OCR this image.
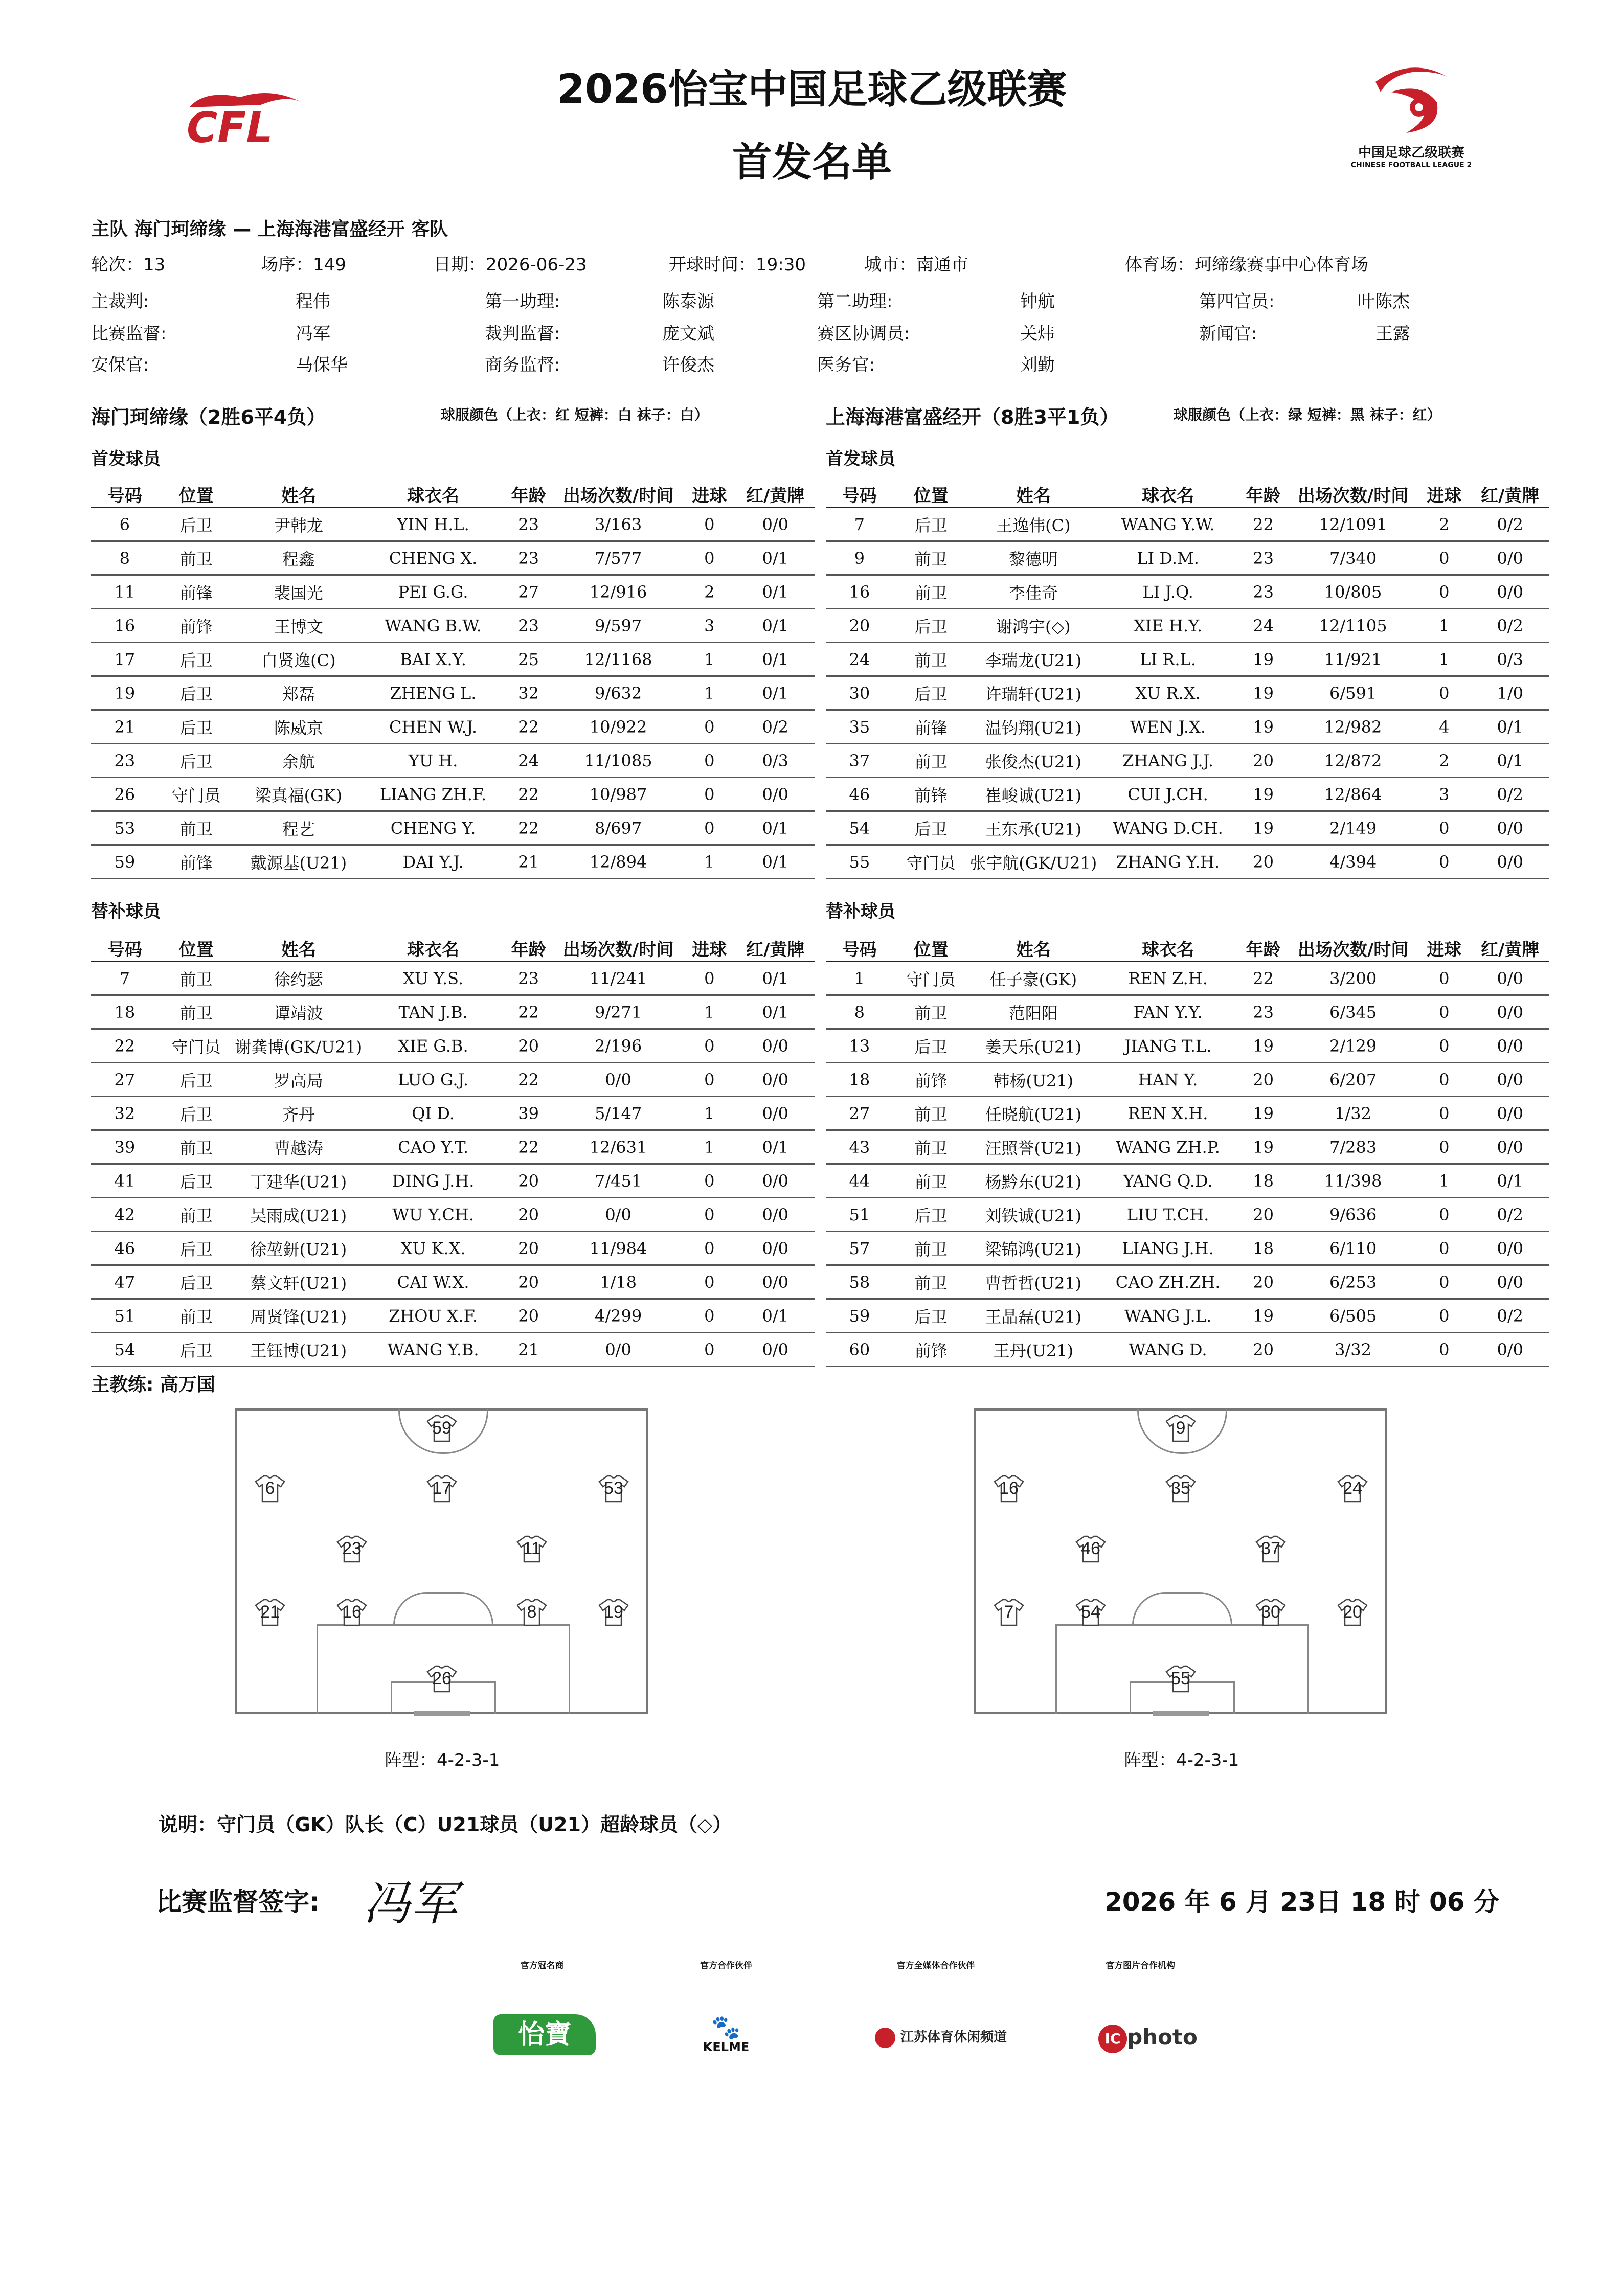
2026怡宝中国足球乙级联赛
首发名单
CFL
中国足球乙级联赛
CHINESE FOOTBALL LEAGUE 2
主队 海门珂缔缘 — 上海海港富盛经开 客队
轮次：13	场序：149	日期：2026-06-23	开球时间：19:30	城市：南通市	体育场：珂缔缘赛事中心体育场
主裁判:	程伟	第一助理:	陈泰源	第二助理:	钟航	第四官员:	叶陈杰
比赛监督:	冯军	裁判监督:	庞文斌	赛区协调员:	关炜	新闻官:	王露
安保官:	马保华	商务监督:	许俊杰	医务官:	刘勤
海门珂缔缘（2胜6平4负）	球服颜色（上衣：红 短裤：白 袜子：白）	上海海港富盛经开（8胜3平1负）	球服颜色（上衣：绿 短裤：黑 袜子：红）
首发球员	首发球员
号码	位置	姓名	球衣名	年龄	出场次数/时间	进球	红/黄牌
6	后卫	尹韩龙	YIN H.L.	23	3/163	0	0/0
8	前卫	程鑫	CHENG X.	23	7/577	0	0/1
11	前锋	裴国光	PEI G.G.	27	12/916	2	0/1
16	前锋	王博文	WANG B.W.	23	9/597	3	0/1
17	后卫	白贤逸(C)	BAI X.Y.	25	12/1168	1	0/1
19	后卫	郑磊	ZHENG L.	32	9/632	1	0/1
21	后卫	陈威京	CHEN W.J.	22	10/922	0	0/2
23	后卫	余航	YU H.	24	11/1085	0	0/3
26	守门员	梁真福(GK)	LIANG ZH.F.	22	10/987	0	0/0
53	前卫	程艺	CHENG Y.	22	8/697	0	0/1
59	前锋	戴源基(U21)	DAI Y.J.	21	12/894	1	0/1
号码	位置	姓名	球衣名	年龄	出场次数/时间	进球	红/黄牌
7	后卫	王逸伟(C)	WANG Y.W.	22	12/1091	2	0/2
9	前卫	黎德明	LI D.M.	23	7/340	0	0/0
16	前卫	李佳奇	LI J.Q.	23	10/805	0	0/0
20	后卫	谢鸿宇(◇)	XIE H.Y.	24	12/1105	1	0/2
24	前卫	李瑞龙(U21)	LI R.L.	19	11/921	1	0/3
30	后卫	许瑞轩(U21)	XU R.X.	19	6/591	0	1/0
35	前锋	温钧翔(U21)	WEN J.X.	19	12/982	4	0/1
37	前卫	张俊杰(U21)	ZHANG J.J.	20	12/872	2	0/1
46	前锋	崔峻诚(U21)	CUI J.CH.	19	12/864	3	0/2
54	后卫	王东承(U21)	WANG D.CH.	19	2/149	0	0/0
55	守门员	张宇航(GK/U21)	ZHANG Y.H.	20	4/394	0	0/0
替补球员	替补球员
号码	位置	姓名	球衣名	年龄	出场次数/时间	进球	红/黄牌
7	前卫	徐约瑟	XU Y.S.	23	11/241	0	0/1
18	前卫	谭靖波	TAN J.B.	22	9/271	1	0/1
22	守门员	谢龚博(GK/U21)	XIE G.B.	20	2/196	0	0/0
27	后卫	罗高局	LUO G.J.	22	0/0	0	0/0
32	后卫	齐丹	QI D.	39	5/147	1	0/0
39	前卫	曹越涛	CAO Y.T.	22	12/631	1	0/1
41	后卫	丁建华(U21)	DING J.H.	20	7/451	0	0/0
42	前卫	吴雨成(U21)	WU Y.CH.	20	0/0	0	0/0
46	后卫	徐堃鈃(U21)	XU K.X.	20	11/984	0	0/0
47	后卫	蔡文轩(U21)	CAI W.X.	20	1/18	0	0/0
51	前卫	周贤锋(U21)	ZHOU X.F.	20	4/299	0	0/1
54	后卫	王钰博(U21)	WANG Y.B.	21	0/0	0	0/0
号码	位置	姓名	球衣名	年龄	出场次数/时间	进球	红/黄牌
1	守门员	任子豪(GK)	REN Z.H.	22	3/200	0	0/0
8	前卫	范阳阳	FAN Y.Y.	23	6/345	0	0/0
13	后卫	姜天乐(U21)	JIANG T.L.	19	2/129	0	0/0
18	前锋	韩杨(U21)	HAN Y.	20	6/207	0	0/0
27	前卫	任晓航(U21)	REN X.H.	19	1/32	0	0/0
43	前卫	汪照誉(U21)	WANG ZH.P.	19	7/283	0	0/0
44	前卫	杨黔东(U21)	YANG Q.D.	18	11/398	1	0/1
51	后卫	刘铁诚(U21)	LIU T.CH.	20	9/636	0	0/2
57	前卫	梁锦鸿(U21)	LIANG J.H.	18	6/110	0	0/0
58	前卫	曹哲哲(U21)	CAO ZH.ZH.	20	6/253	0	0/0
59	后卫	王晶磊(U21)	WANG J.L.	19	6/505	0	0/2
60	前锋	王丹(U21)	WANG D.	20	3/32	0	0/0
主教练: 高万国
59
6	17	53
23	11
21	16	8	19
26
9
16	35	24
46	37
7	54	30	20
55
阵型：4-2-3-1	阵型：4-2-3-1
说明：守门员（GK）队长（C）U21球员（U21）超龄球员（◇）
比赛监督签字: 冯军	2026 年 6 月 23日 18 时 06 分
官方冠名商	官方合作伙伴	官方全媒体合作伙伴	官方图片合作机构
怡寶	🐾
KELME
江苏体育休闲频道	IC photo
